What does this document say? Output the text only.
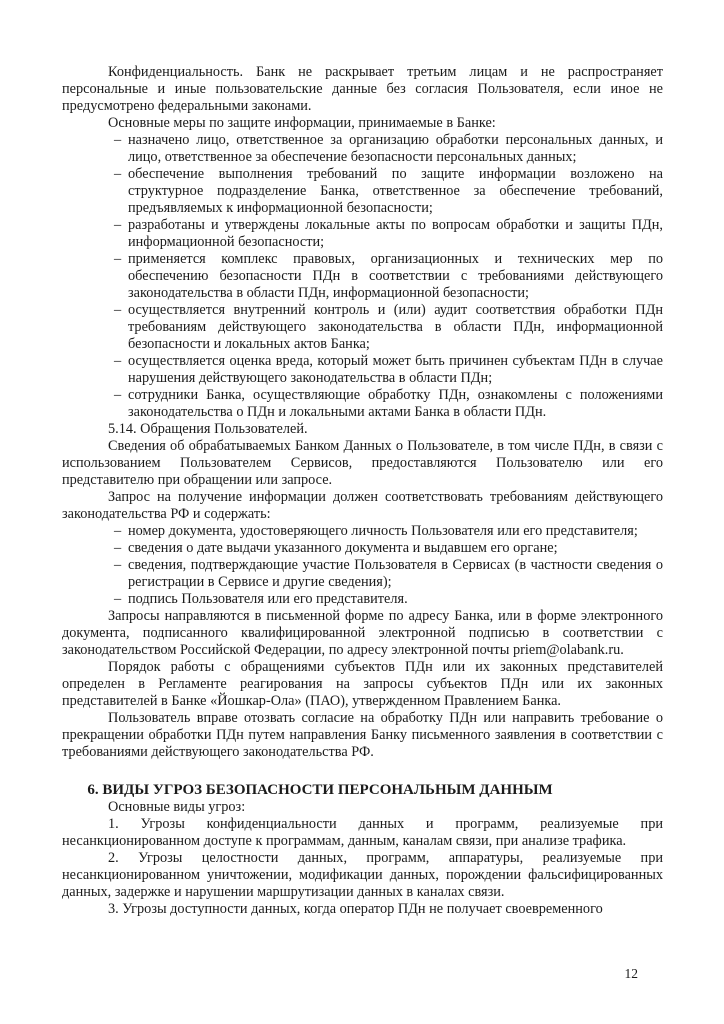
Конфиденциальность. Банк не раскрывает третьим лицам и не распространяет персональные и иные пользовательские данные без согласия Пользователя, если иное не предусмотрено федеральными законами.

Основные меры по защите информации, принимаемые в Банке:

– назначено лицо, ответственное за организацию обработки персональных данных, и лицо, ответственное за обеспечение безопасности персональных данных;
– обеспечение выполнения требований по защите информации возложено на структурное подразделение Банка, ответственное за обеспечение требований, предъявляемых к информационной безопасности;
– разработаны и утверждены локальные акты по вопросам обработки и защиты ПДн, информационной безопасности;
– применяется комплекс правовых, организационных и технических мер по обеспечению безопасности ПДн в соответствии с требованиями действующего законодательства в области ПДн, информационной безопасности;
– осуществляется внутренний контроль и (или) аудит соответствия обработки ПДн требованиям действующего законодательства в области ПДн, информационной безопасности и локальных актов Банка;
– осуществляется оценка вреда, который может быть причинен субъектам ПДн в случае нарушения действующего законодательства в области ПДн;
– сотрудники Банка, осуществляющие обработку ПДн, ознакомлены с положениями законодательства о ПДн и локальными актами Банка в области ПДн.

5.14. Обращения Пользователей.

Сведения об обрабатываемых Банком Данных о Пользователе, в том числе ПДн, в связи с использованием Пользователем Сервисов, предоставляются Пользователю или его представителю при обращении или запросе.

Запрос на получение информации должен соответствовать требованиям действующего законодательства РФ и содержать:

– номер документа, удостоверяющего личность Пользователя или его представителя;
– сведения о дате выдачи указанного документа и выдавшем его органе;
– сведения, подтверждающие участие Пользователя в Сервисах (в частности сведения о регистрации в Сервисе и другие сведения);
– подпись Пользователя или его представителя.

Запросы направляются в письменной форме по адресу Банка, или в форме электронного документа, подписанного квалифицированной электронной подписью в соответствии с законодательством Российской Федерации, по адресу электронной почты priem@olabank.ru.

Порядок работы с обращениями субъектов ПДн или их законных представителей определен в Регламенте реагирования на запросы субъектов ПДн или их законных представителей в Банке «Йошкар-Ола» (ПАО), утвержденном Правлением Банка.

Пользователь вправе отозвать согласие на обработку ПДн или направить требование о прекращении обработки ПДн путем направления Банку письменного заявления в соответствии с требованиями действующего законодательства РФ.

6. ВИДЫ УГРОЗ БЕЗОПАСНОСТИ ПЕРСОНАЛЬНЫМ ДАННЫМ

Основные виды угроз:

1. Угрозы конфиденциальности данных и программ, реализуемые при несанкционированном доступе к программам, данным, каналам связи, при анализе трафика.

2. Угрозы целостности данных, программ, аппаратуры, реализуемые при несанкционированном уничтожении, модификации данных, порождении фальсифицированных данных, задержке и нарушении маршрутизации данных в каналах связи.

3. Угрозы доступности данных, когда оператор ПДн не получает своевременного

12
